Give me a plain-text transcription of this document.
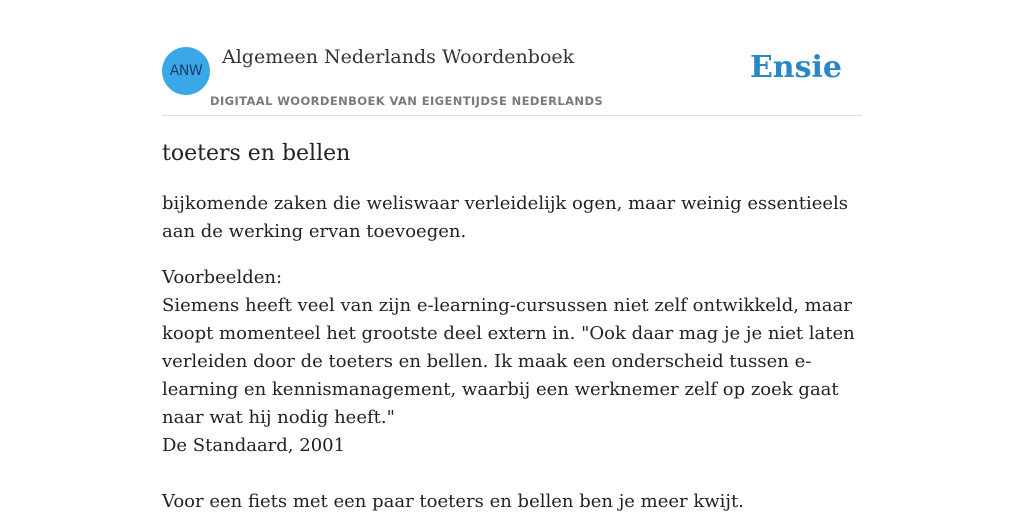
ANW
Algemeen Nederlands Woordenboek
DIGITAAL WOORDENBOEK VAN EIGENTIJDSE NEDERLANDS
Ensie
toeters en bellen

bijkomende zaken die weliswaar verleidelijk ogen, maar weinig essentieels aan de werking ervan toevoegen.

Voorbeelden:

Siemens heeft veel van zijn e-learning-cursussen niet zelf ontwikkeld, maar koopt momenteel het grootste deel extern in. "Ook daar mag je je niet laten verleiden door de toeters en bellen. Ik maak een onderscheid tussen e-learning en kennismanagement, waarbij een werknemer zelf op zoek gaat naar wat hij nodig heeft."

De Standaard, 2001

Voor een fiets met een paar toeters en bellen ben je meer kwijt.
